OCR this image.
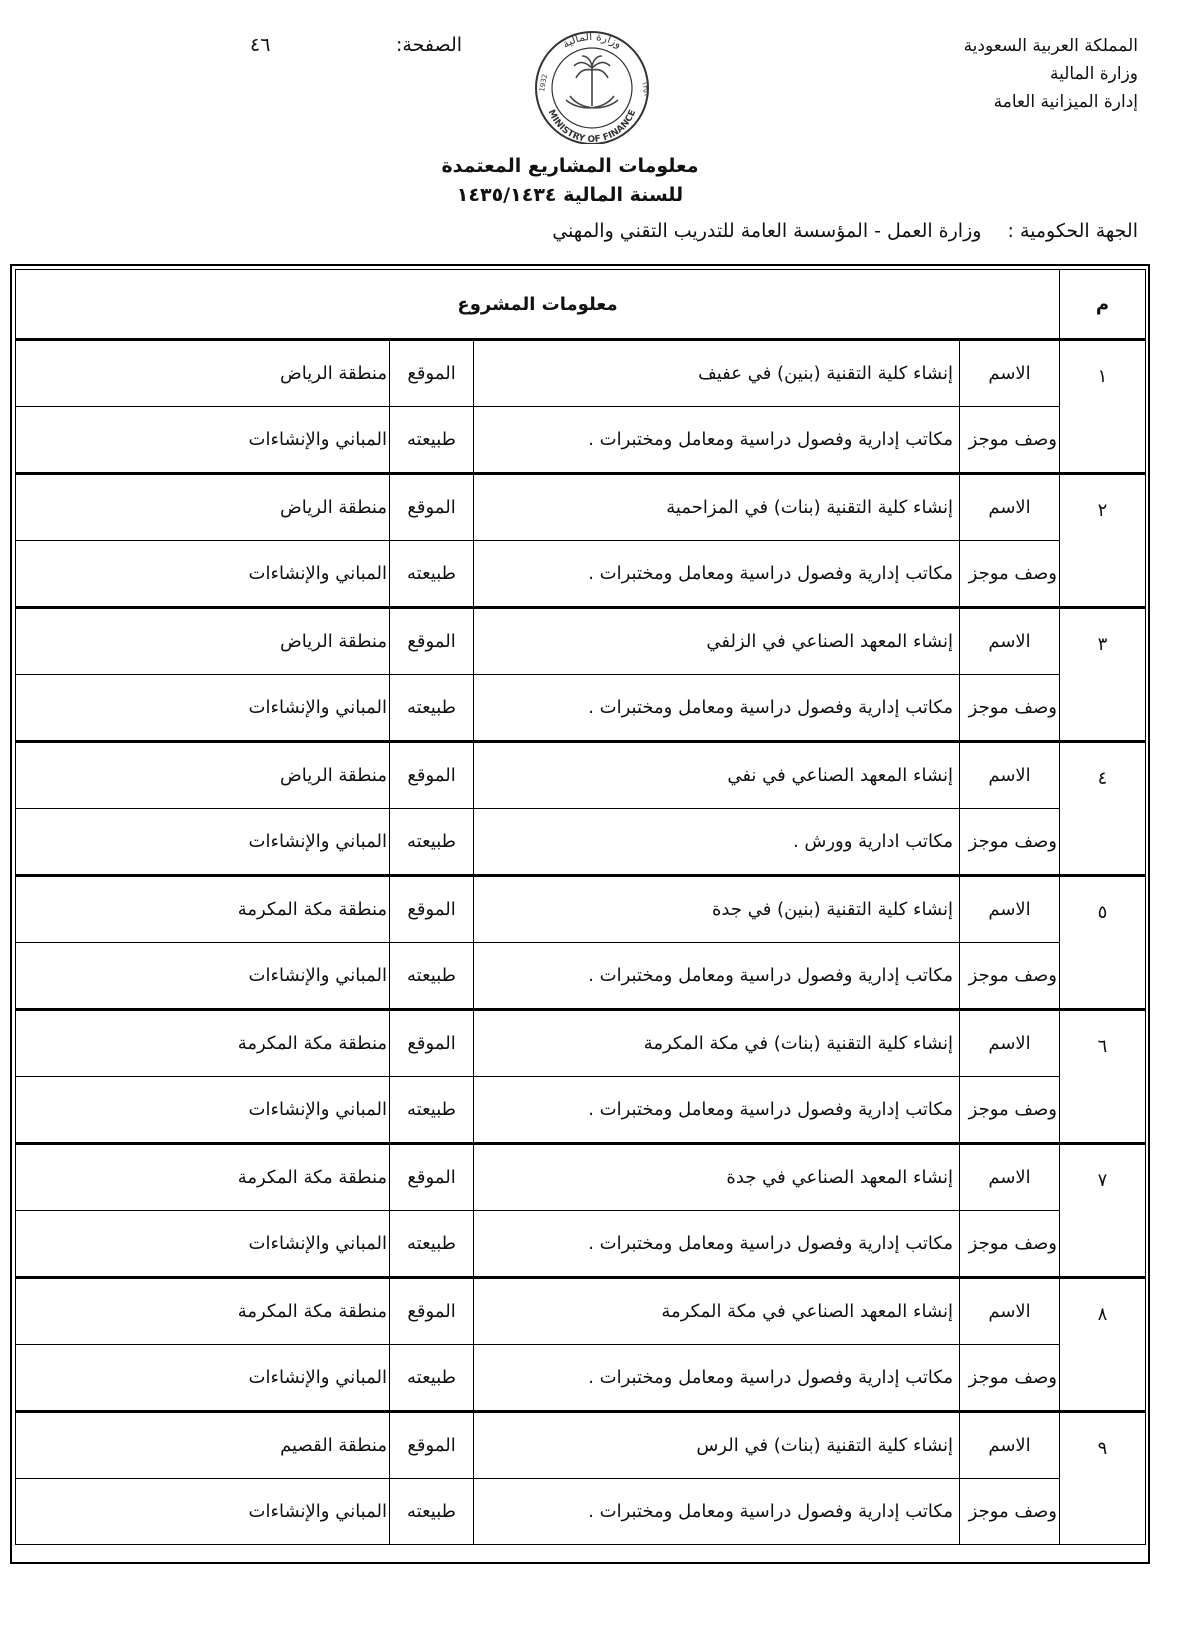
المملكة العربية السعودية
وزارة المالية
إدارة الميزانية العامة
الصفحة:
٤٦	وزارة المالية
MINISTRY OF FINANCE
1932	١٣٥١
معلومات المشاريع المعتمدة
للسنة المالية ١٤٣٥/١٤٣٤
الجهة الحكومية : وزارة العمل - المؤسسة العامة للتدريب التقني والمهني
م	معلومات المشروع			

١	الاسم	إنشاء كلية التقنية (بنين) في عفيف	الموقع	منطقة الرياض
	وصف موجز	مكاتب إدارية وفصول دراسية ومعامل ومختبرات .	طبيعته	المباني والإنشاءات

٢	الاسم	إنشاء كلية التقنية (بنات) في المزاحمية	الموقع	منطقة الرياض
	وصف موجز	مكاتب إدارية وفصول دراسية ومعامل ومختبرات .	طبيعته	المباني والإنشاءات

٣	الاسم	إنشاء المعهد الصناعي في الزلفي	الموقع	منطقة الرياض
	وصف موجز	مكاتب إدارية وفصول دراسية ومعامل ومختبرات .	طبيعته	المباني والإنشاءات

٤	الاسم	إنشاء المعهد الصناعي في نفي	الموقع	منطقة الرياض
	وصف موجز	مكاتب ادارية وورش .	طبيعته	المباني والإنشاءات

٥	الاسم	إنشاء كلية التقنية (بنين) في جدة	الموقع	منطقة مكة المكرمة
	وصف موجز	مكاتب إدارية وفصول دراسية ومعامل ومختبرات .	طبيعته	المباني والإنشاءات

٦	الاسم	إنشاء كلية التقنية (بنات) في مكة المكرمة	الموقع	منطقة مكة المكرمة
	وصف موجز	مكاتب إدارية وفصول دراسية ومعامل ومختبرات .	طبيعته	المباني والإنشاءات

٧	الاسم	إنشاء المعهد الصناعي في جدة	الموقع	منطقة مكة المكرمة
	وصف موجز	مكاتب إدارية وفصول دراسية ومعامل ومختبرات .	طبيعته	المباني والإنشاءات

٨	الاسم	إنشاء المعهد الصناعي في مكة المكرمة	الموقع	منطقة مكة المكرمة
	وصف موجز	مكاتب إدارية وفصول دراسية ومعامل ومختبرات .	طبيعته	المباني والإنشاءات

٩	الاسم	إنشاء كلية التقنية (بنات) في الرس	الموقع	منطقة القصيم
	وصف موجز	مكاتب إدارية وفصول دراسية ومعامل ومختبرات .	طبيعته	المباني والإنشاءات
